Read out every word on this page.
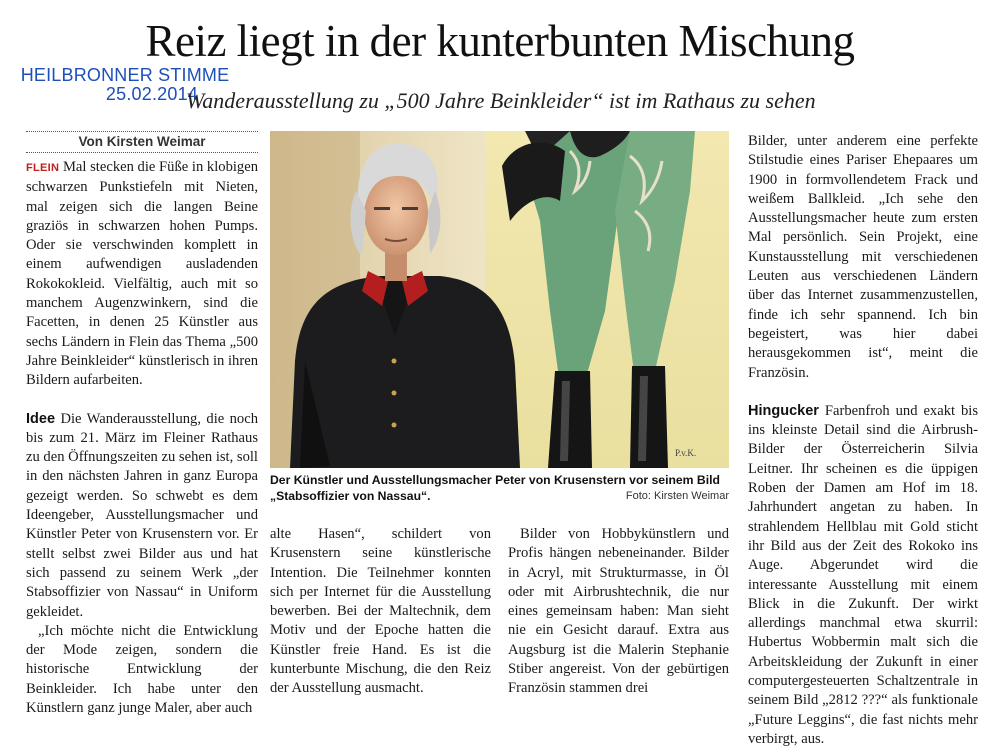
Reiz liegt in der kunterbunten Mischung
HEILBRONNER STIMME
25.02.2014
Wanderausstellung zu „500 Jahre Beinkleider“ ist im Rathaus zu sehen
Von Kirsten Weimar

FLEIN Mal stecken die Füße in klobigen schwarzen Punkstiefeln mit Nieten, mal zeigen sich die langen Beine graziös in schwarzen hohen Pumps. Oder sie verschwinden komplett in einem aufwendigen ausladenden Rokokokleid. Vielfältig, auch mit so manchem Augenzwinkern, sind die Facetten, in denen 25 Künstler aus sechs Ländern in Flein das Thema „500 Jahre Beinkleider“ künstlerisch in ihren Bildern aufarbeiten.

Idee Die Wanderausstellung, die noch bis zum 21. März im Fleiner Rathaus zu den Öffnungszeiten zu sehen ist, soll in den nächsten Jahren in ganz Europa gezeigt werden. So schwebt es dem Ideengeber, Ausstellungsmacher und Künstler Peter von Krusenstern vor. Er stellt selbst zwei Bilder aus und hat sich passend zu seinem Werk „der Stabsoffizier von Nassau“ in Uniform gekleidet.

„Ich möchte nicht die Entwicklung der Mode zeigen, sondern die historische Entwicklung der Beinkleider. Ich habe unter den Künstlern ganz junge Maler, aber auch

P.v.K.
Der Künstler und Ausstellungsmacher Peter von Krusenstern vor seinem Bild
„Stabsoffizier von Nassau“.	Foto: Kirsten Weimar

alte Hasen“, schildert von Krusenstern seine künstlerische Intention. Die Teilnehmer konnten sich per Internet für die Ausstellung bewerben. Bei der Maltechnik, dem Motiv und der Epoche hatten die Künstler freie Hand. Es ist die kunterbunte Mischung, die den Reiz der Ausstellung ausmacht.

Bilder von Hobbykünstlern und Profis hängen nebeneinander. Bilder in Acryl, mit Strukturmasse, in Öl oder mit Airbrushtechnik, die nur eines gemeinsam haben: Man sieht nie ein Gesicht darauf. Extra aus Augsburg ist die Malerin Stephanie Stiber angereist. Von der gebürtigen Französin stammen drei

Bilder, unter anderem eine perfekte Stilstudie eines Pariser Ehepaares um 1900 in formvollendetem Frack und weißem Ballkleid. „Ich sehe den Ausstellungsmacher heute zum ersten Mal persönlich. Sein Projekt, eine Kunstausstellung mit verschiedenen Leuten aus verschiedenen Ländern über das Internet zusammenzustellen, finde ich sehr spannend. Ich bin begeistert, was hier dabei herausgekommen ist“, meint die Französin.

Hingucker Farbenfroh und exakt bis ins kleinste Detail sind die Airbrush-Bilder der Österreicherin Silvia Leitner. Ihr scheinen es die üppigen Roben der Damen am Hof im 18. Jahrhundert angetan zu haben. In strahlendem Hellblau mit Gold sticht ihr Bild aus der Zeit des Rokoko ins Auge. Abgerundet wird die interessante Ausstellung mit einem Blick in die Zukunft. Der wirkt allerdings manchmal etwa skurril: Hubertus Wobbermin malt sich die Arbeitskleidung der Zukunft in einer computergesteuerten Schaltzentrale in seinem Bild „2812 ???“ als funktionale „Future Leggins“, die fast nichts mehr verbirgt, aus.
